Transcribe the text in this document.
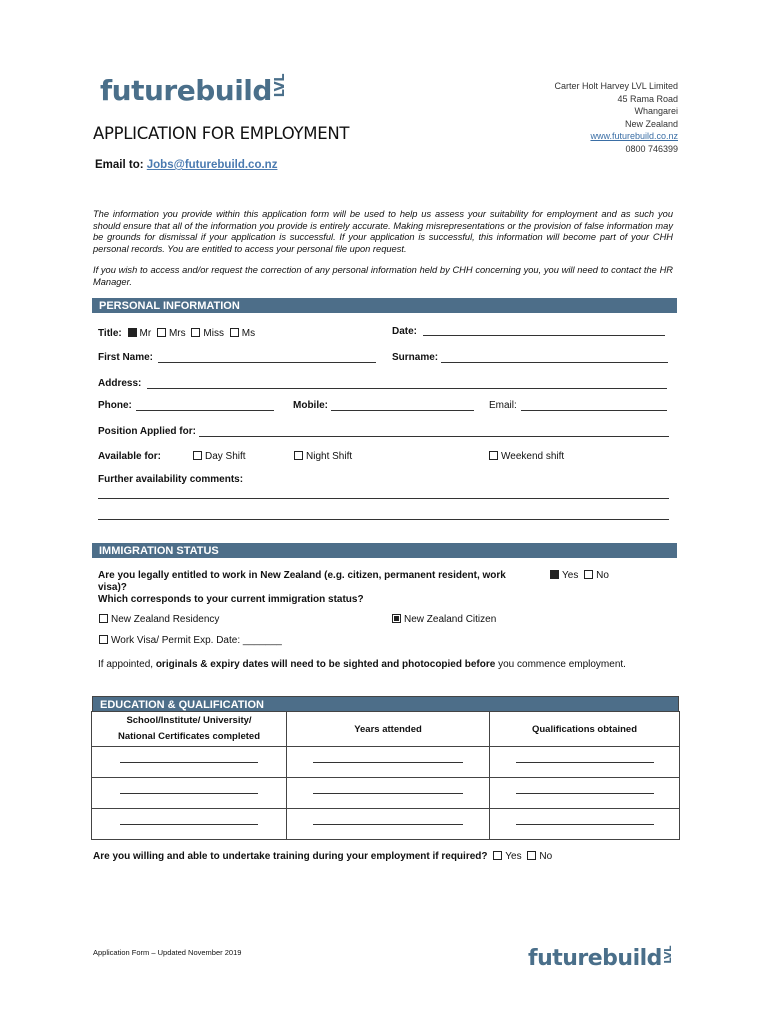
futurebuildLVL	Carter Holt Harvey LVL Limited
45 Rama Road
Whangarei
New Zealand
www.futurebuild.co.nz
0800 746399
APPLICATION FOR EMPLOYMENT
Email to: Jobs@futurebuild.co.nz
The information you provide within this application form will be used to help us assess your suitability for employment and as such you should ensure that all of the information you provide is entirely accurate. Making misrepresentations or the provision of false information may be grounds for dismissal if your application is successful. If your application is successful, this information will become part of your CHH personal records. You are entitled to access your personal file upon request.
If you wish to access and/or request the correction of any personal information held by CHH concerning you, you will need to contact the HR Manager.
PERSONAL INFORMATION
Title: Mr Mrs Miss Ms	Date:
First Name:	Surname:
Address:
Phone:	Mobile:	Email:
Position Applied for:
Available for:	Day Shift	Night Shift	Weekend shift
Further availability comments:
IMMIGRATION STATUS
Are you legally entitled to work in New Zealand (e.g. citizen, permanent resident, work visa)?
Yes No
Which corresponds to your current immigration status?
New Zealand Residency	New Zealand Citizen
Work Visa/ Permit Exp. Date: _______
If appointed, originals & expiry dates will need to be sighted and photocopied before you commence employment.
EDUCATION & QUALIFICATION
School/Institute/ University/
National Certificates completed	Years attended	Qualifications obtained

Are you willing and able to undertake training during your employment if required? Yes No
Application Form – Updated November 2019	futurebuildLVL
